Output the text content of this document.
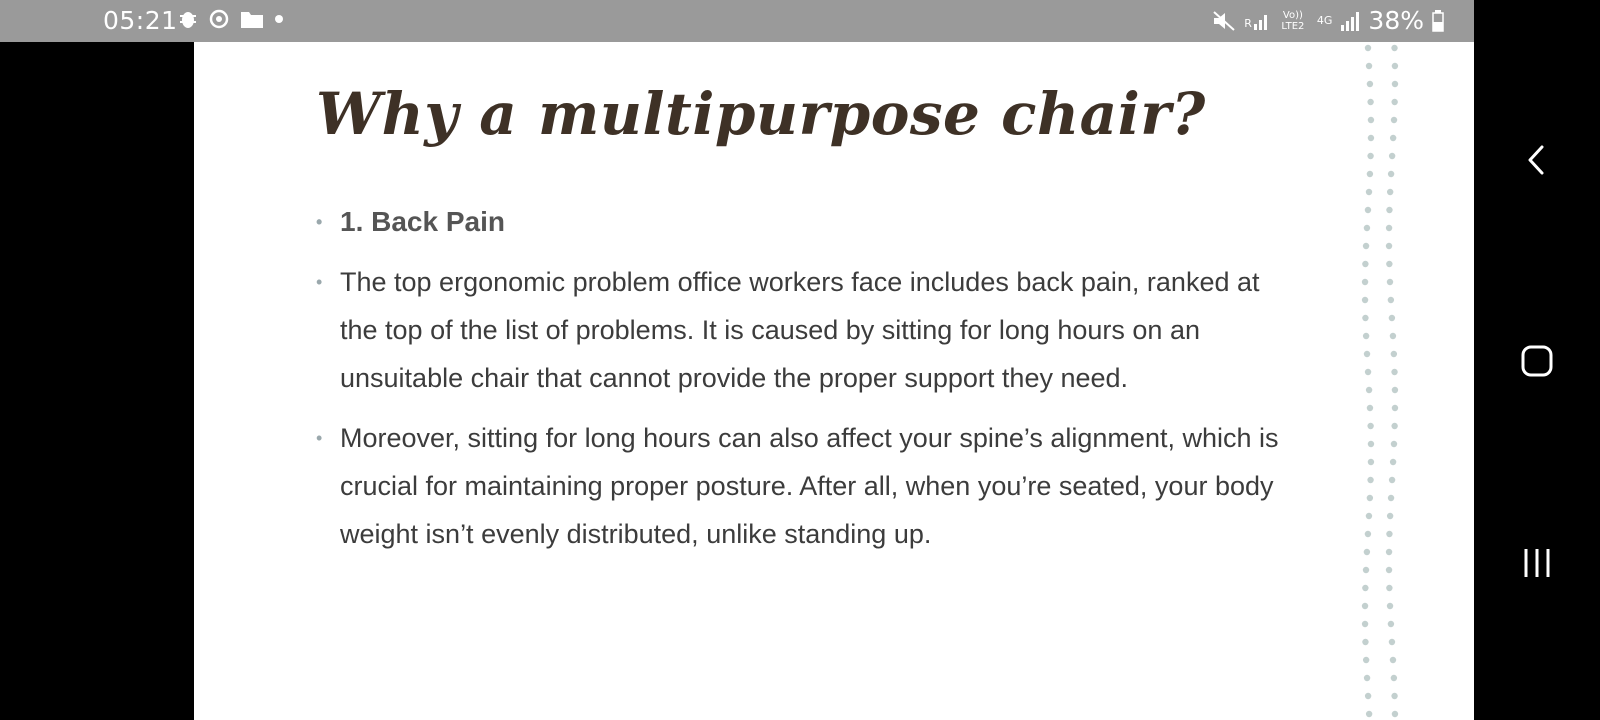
05:21	R
Vo)) LTE2	4G 38%
Why a multipurpose chair?
• 1. Back Pain
• The top ergonomic problem office workers face includes back pain, ranked at the top of the list of problems. It is caused by sitting for long hours on an unsuitable chair that cannot provide the proper support they need.
• Moreover, sitting for long hours can also affect your spine’s alignment, which is crucial for maintaining proper posture. After all, when you’re seated, your body weight isn’t evenly distributed, unlike standing up.
